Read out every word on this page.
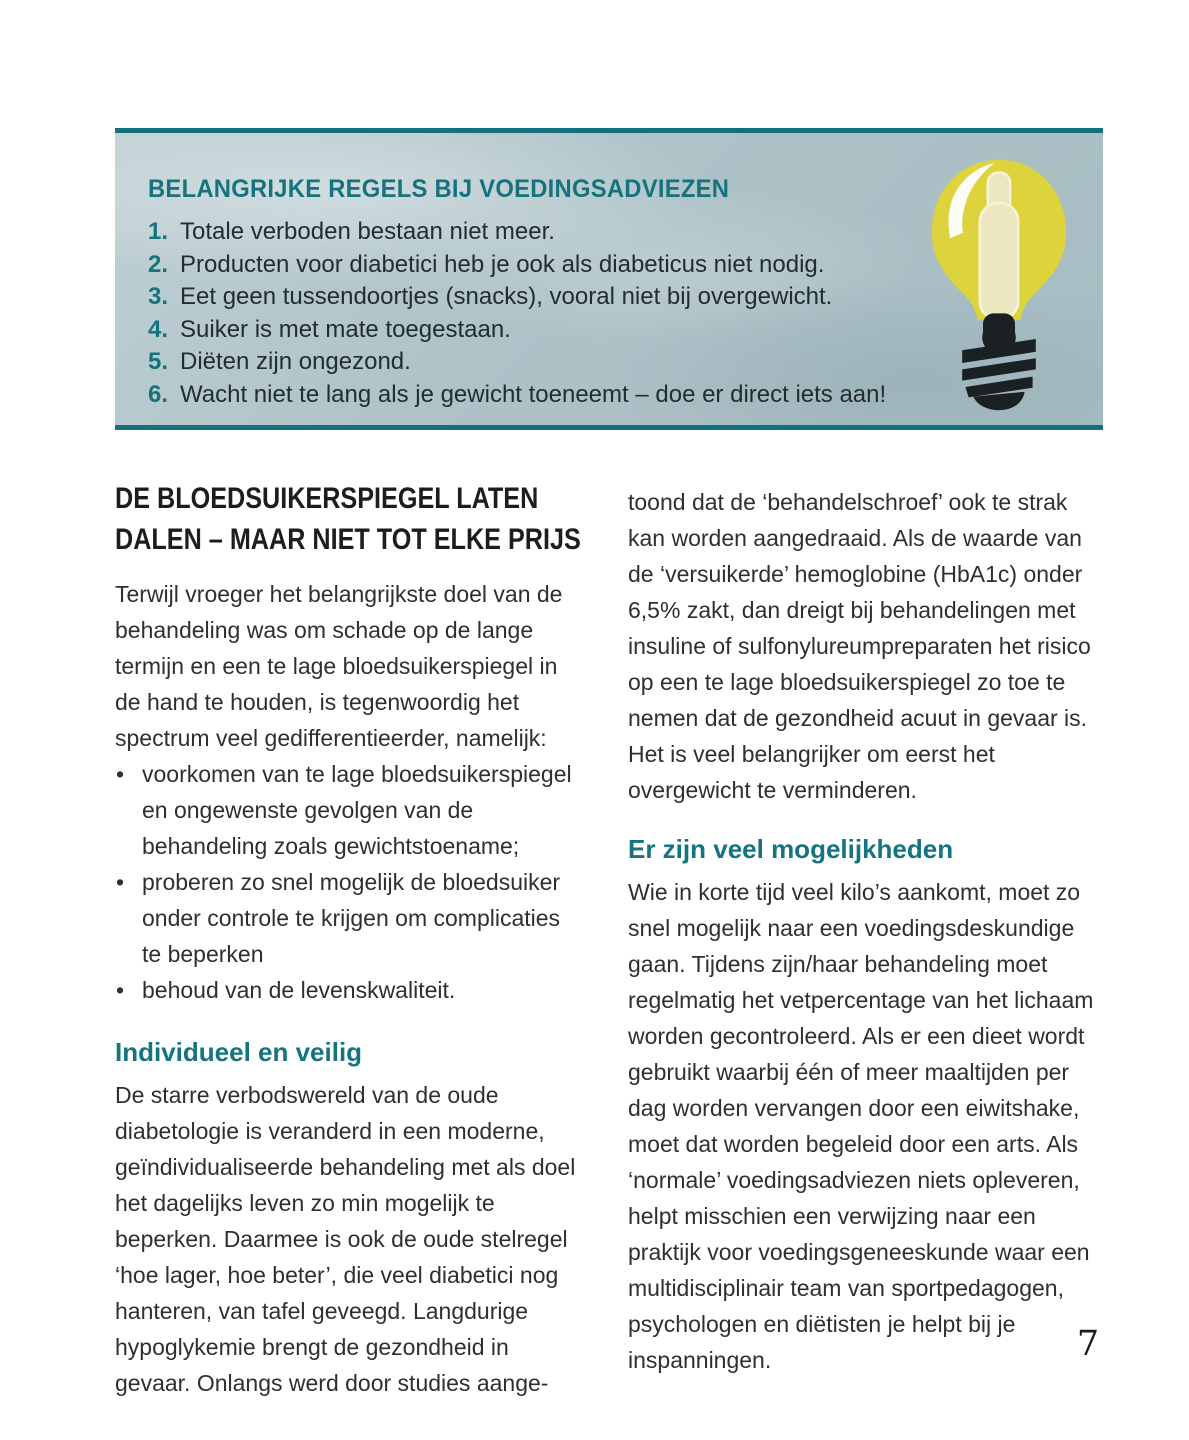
BELANGRIJKE REGELS BIJ VOEDINGSADVIEZEN
1. Totale verboden bestaan niet meer.
2. Producten voor diabetici heb je ook als diabeticus niet nodig.
3. Eet geen tussendoortjes (snacks), vooral niet bij overgewicht.
4. Suiker is met mate toegestaan.
5. Diëten zijn ongezond.
6. Wacht niet te lang als je gewicht toeneemt – doe er direct iets aan!
DE BLOEDSUIKERSPIEGEL LATEN
DALEN – MAAR NIET TOT ELKE PRIJS

Terwijl vroeger het belangrijkste doel van de behandeling was om schade op de lange termijn en een te lage bloedsuikerspiegel in de hand te houden, is tegenwoordig het spectrum veel gedifferentieerder, namelijk:

• voorkomen van te lage bloedsuikerspiegel en ongewenste gevolgen van de behandeling zoals gewichtstoename;
• proberen zo snel mogelijk de bloedsuiker onder controle te krijgen om complicaties te beperken
• behoud van de levenskwaliteit.
Individueel en veilig

De starre verbodswereld van de oude diabetologie is veranderd in een moderne, geïndividualiseerde behandeling met als doel het dagelijks leven zo min mogelijk te beperken. Daarmee is ook de oude stelregel ‘hoe lager, hoe beter’, die veel diabetici nog hanteren, van tafel geveegd. Langdurige hypoglykemie brengt de gezondheid in gevaar. Onlangs werd door studies aange-

toond dat de ‘behandelschroef’ ook te strak kan worden aangedraaid. Als de waarde van de ‘versuikerde’ hemoglobine (HbA1c) onder 6,5% zakt, dan dreigt bij behandelingen met insuline of sulfonylureumpreparaten het risico op een te lage bloedsuikerspiegel zo toe te nemen dat de gezondheid acuut in gevaar is. Het is veel belangrijker om eerst het overgewicht te verminderen.

Er zijn veel mogelijkheden

Wie in korte tijd veel kilo’s aankomt, moet zo snel mogelijk naar een voedingsdeskundige gaan. Tijdens zijn/haar behandeling moet regelmatig het vetpercentage van het lichaam worden gecontroleerd. Als er een dieet wordt gebruikt waarbij één of meer maaltijden per dag worden vervangen door een eiwitshake, moet dat worden begeleid door een arts. Als ‘normale’ voedingsadviezen niets opleveren, helpt misschien een verwijzing naar een praktijk voor voedingsgeneeskunde waar een multidisciplinair team van sportpedagogen, psychologen en diëtisten je helpt bij je inspanningen.	7
